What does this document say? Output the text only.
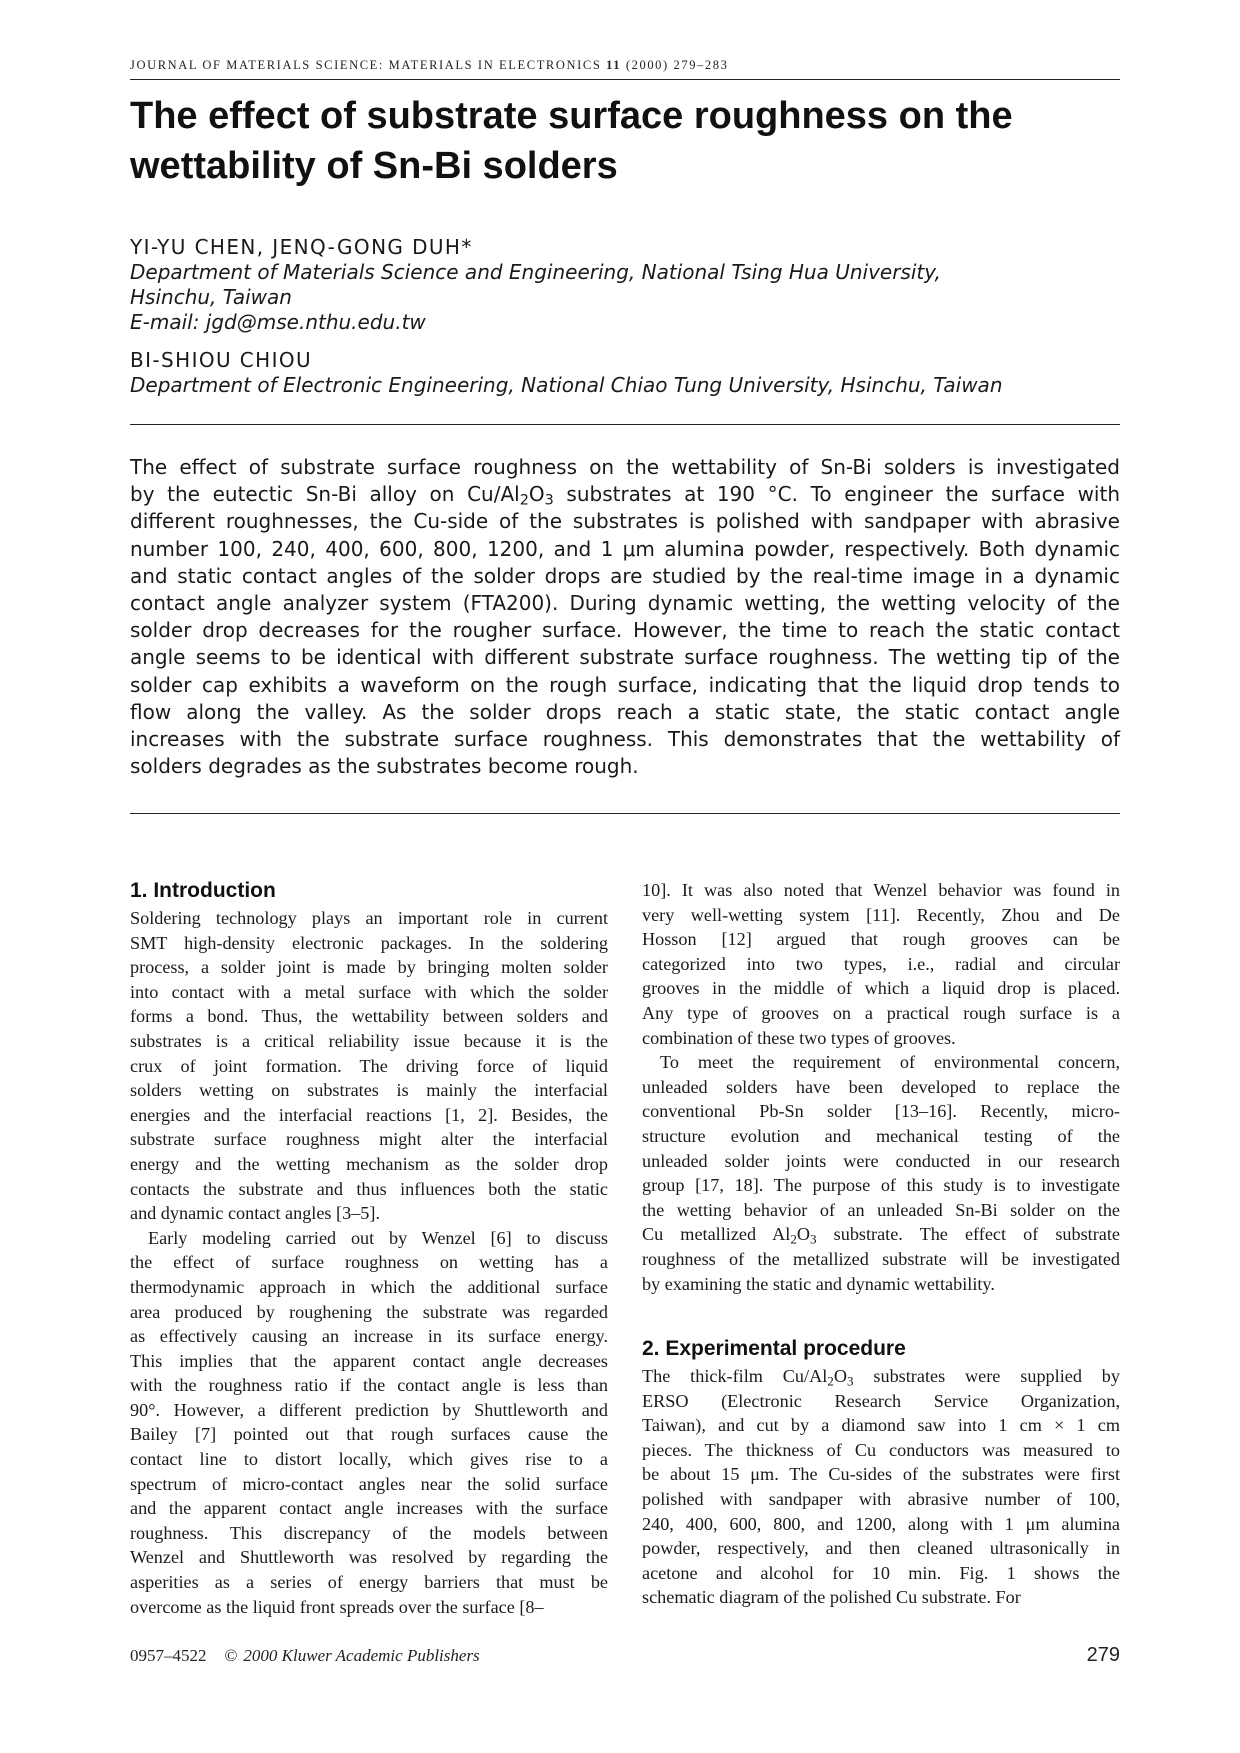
JOURNAL OF MATERIALS SCIENCE: MATERIALS IN ELECTRONICS 11 (2000) 279–283
The effect of substrate surface roughness on the
wettability of Sn-Bi solders
YI-YU CHEN, JENQ-GONG DUH*
Department of Materials Science and Engineering, National Tsing Hua University,
Hsinchu, Taiwan
E-mail: jgd@mse.nthu.edu.tw
BI-SHIOU CHIOU
Department of Electronic Engineering, National Chiao Tung University, Hsinchu, Taiwan
The effect of substrate surface roughness on the wettability of Sn-Bi solders is investigated
by the eutectic Sn-Bi alloy on $Cu/Al_2O_3$ substrates at 190 °C. To engineer the surface with
different roughnesses, the Cu-side of the substrates is polished with sandpaper with abrasive
number 100, 240, 400, 600, 800, 1200, and 1 μm alumina powder, respectively. Both dynamic
and static contact angles of the solder drops are studied by the real-time image in a dynamic
contact angle analyzer system (FTA200). During dynamic wetting, the wetting velocity of the
solder drop decreases for the rougher surface. However, the time to reach the static contact
angle seems to be identical with different substrate surface roughness. The wetting tip of the
solder cap exhibits a waveform on the rough surface, indicating that the liquid drop tends to
flow along the valley. As the solder drops reach a static state, the static contact angle
increases with the substrate surface roughness. This demonstrates that the wettability of
solders degrades as the substrates become rough.
1. Introduction

Soldering technology plays an important role in current
SMT high-density electronic packages. In the soldering
process, a solder joint is made by bringing molten solder
into contact with a metal surface with which the solder
forms a bond. Thus, the wettability between solders and
substrates is a critical reliability issue because it is the
crux of joint formation. The driving force of liquid
solders wetting on substrates is mainly the interfacial
energies and the interfacial reactions [1, 2]. Besides, the
substrate surface roughness might alter the interfacial
energy and the wetting mechanism as the solder drop
contacts the substrate and thus influences both the static
and dynamic contact angles [3–5].

Early modeling carried out by Wenzel [6] to discuss
the effect of surface roughness on wetting has a
thermodynamic approach in which the additional surface
area produced by roughening the substrate was regarded
as effectively causing an increase in its surface energy.
This implies that the apparent contact angle decreases
with the roughness ratio if the contact angle is less than
90°. However, a different prediction by Shuttleworth and
Bailey [7] pointed out that rough surfaces cause the
contact line to distort locally, which gives rise to a
spectrum of micro-contact angles near the solid surface
and the apparent contact angle increases with the surface
roughness. This discrepancy of the models between
Wenzel and Shuttleworth was resolved by regarding the
asperities as a series of energy barriers that must be
overcome as the liquid front spreads over the surface [8–

10]. It was also noted that Wenzel behavior was found in
very well-wetting system [11]. Recently, Zhou and De
Hosson [12] argued that rough grooves can be
categorized into two types, i.e., radial and circular
grooves in the middle of which a liquid drop is placed.
Any type of grooves on a practical rough surface is a
combination of these two types of grooves.

To meet the requirement of environmental concern,
unleaded solders have been developed to replace the
conventional Pb-Sn solder [13–16]. Recently, micro-
structure evolution and mechanical testing of the
unleaded solder joints were conducted in our research
group [17, 18]. The purpose of this study is to investigate
the wetting behavior of an unleaded Sn-Bi solder on the
Cu metallized $Al_2O_3$ substrate. The effect of substrate
roughness of the metallized substrate will be investigated
by examining the static and dynamic wettability.

2. Experimental procedure

The thick-film $Cu/Al_2O_3$ substrates were supplied by
ERSO (Electronic Research Service Organization,
Taiwan), and cut by a diamond saw into 1 cm × 1 cm
pieces. The thickness of Cu conductors was measured to
be about 15 μm. The Cu-sides of the substrates were first
polished with sandpaper with abrasive number of 100,
240, 400, 600, 800, and 1200, along with 1 μm alumina
powder, respectively, and then cleaned ultrasonically in
acetone and alcohol for 10 min. Fig. 1 shows the
schematic diagram of the polished Cu substrate. For

0957–4522 © 2000 Kluwer Academic Publishers	279
